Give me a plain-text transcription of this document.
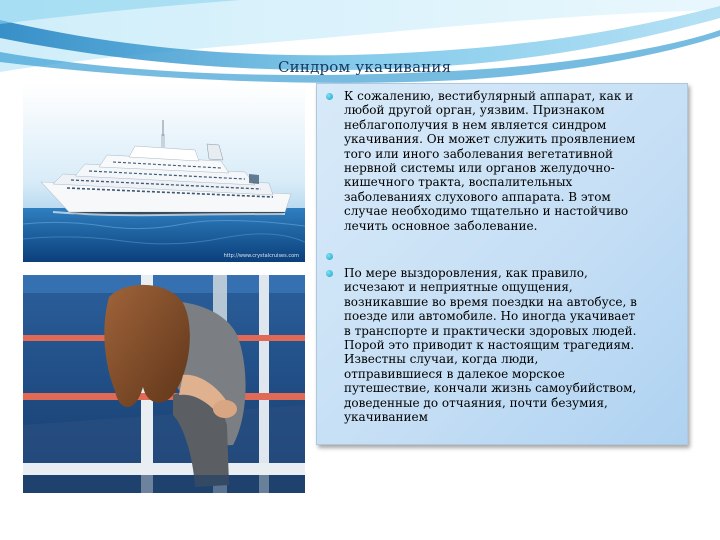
Синдром укачивания
http://www.crystalcruises.com
К сожалению, вестибулярный аппарат, как и
любой другой орган, уязвим. Признаком
неблагополучия в нем является синдром
укачивания. Он может служить проявлением
того или иного заболевания вегетативной
нервной системы или органов желудочно-
кишечного тракта, воспалительных
заболеваниях слухового аппарата. В этом
случае необходимо тщательно и настойчиво
лечить основное заболевание.
По мере выздоровления, как правило,
исчезают и неприятные ощущения,
возникавшие во время поездки на автобусе, в
поезде или автомобиле. Но иногда укачивает
в транспорте и практически здоровых людей.
Порой это приводит к настоящим трагедиям.
Известны случаи, когда люди,
отправившиеся в далекое морское
путешествие, кончали жизнь самоубийством,
доведенные до отчаяния, почти безумия,
укачиванием
